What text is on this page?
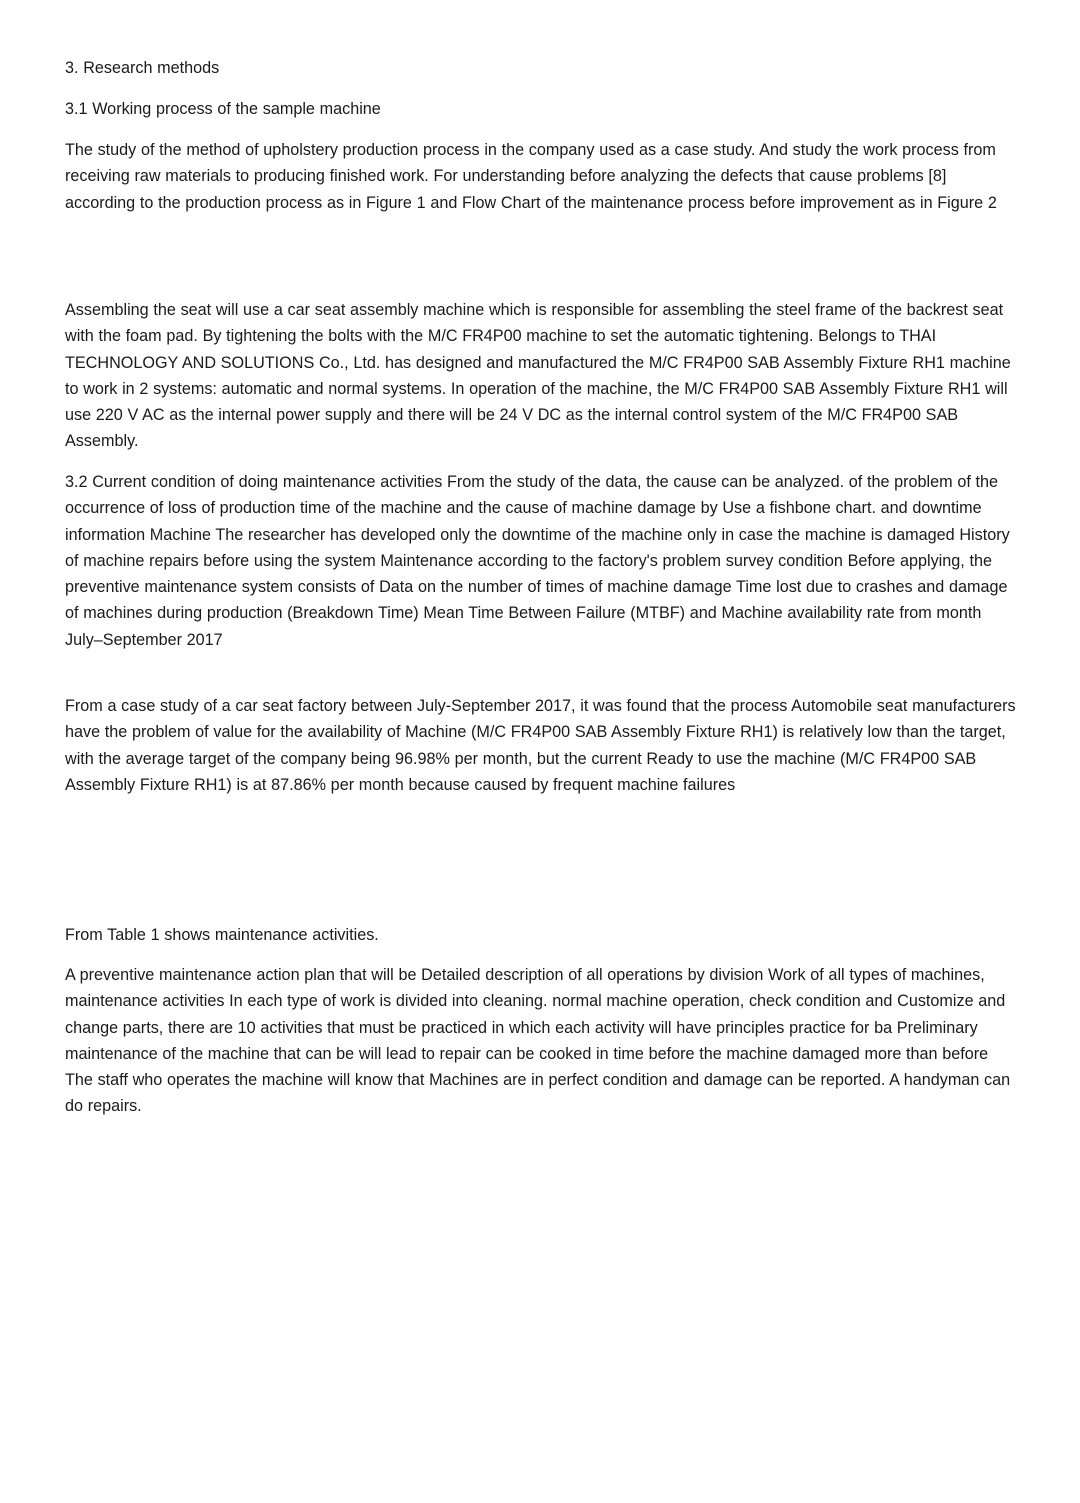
3. Research methods

3.1 Working process of the sample machine

The study of the method of upholstery production process in the company used as a case study. And study the work process from receiving raw materials to producing finished work. For understanding before analyzing the defects that cause problems [8] according to the production process as in Figure 1 and Flow Chart of the maintenance process before improvement as in Figure 2

Assembling the seat will use a car seat assembly machine which is responsible for assembling the steel frame of the backrest seat with the foam pad. By tightening the bolts with the M/C FR4P00 machine to set the automatic tightening. Belongs to THAI TECHNOLOGY AND SOLUTIONS Co., Ltd. has designed and manufactured the M/C FR4P00 SAB Assembly Fixture RH1 machine to work in 2 systems: automatic and normal systems. In operation of the machine, the M/C FR4P00 SAB Assembly Fixture RH1 will use 220 V AC as the internal power supply and there will be 24 V DC as the internal control system of the M/C FR4P00 SAB Assembly.

3.2 Current condition of doing maintenance activities From the study of the data, the cause can be analyzed. of the problem of the occurrence of loss of production time of the machine and the cause of machine damage by Use a fishbone chart. and downtime information Machine The researcher has developed only the downtime of the machine only in case the machine is damaged History of machine repairs before using the system Maintenance according to the factory's problem survey condition Before applying, the preventive maintenance system consists of Data on the number of times of machine damage Time lost due to crashes and damage of machines during production (Breakdown Time) Mean Time Between Failure (MTBF) and Machine availability rate from month July–September 2017

From a case study of a car seat factory between July-September 2017, it was found that the process Automobile seat manufacturers have the problem of value for the availability of Machine (M/C FR4P00 SAB Assembly Fixture RH1) is relatively low than the target, with the average target of the company being 96.98% per month, but the current Ready to use the machine (M/C FR4P00 SAB Assembly Fixture RH1) is at 87.86% per month because caused by frequent machine failures

From Table 1 shows maintenance activities.

A preventive maintenance action plan that will be Detailed description of all operations by division Work of all types of machines, maintenance activities In each type of work is divided into cleaning. normal machine operation, check condition and Customize and change parts, there are 10 activities that must be practiced in which each activity will have principles practice for ba Preliminary maintenance of the machine that can be will lead to repair can be cooked in time before the machine damaged more than before The staff who operates the machine will know that Machines are in perfect condition and damage can be reported. A handyman can do repairs.
